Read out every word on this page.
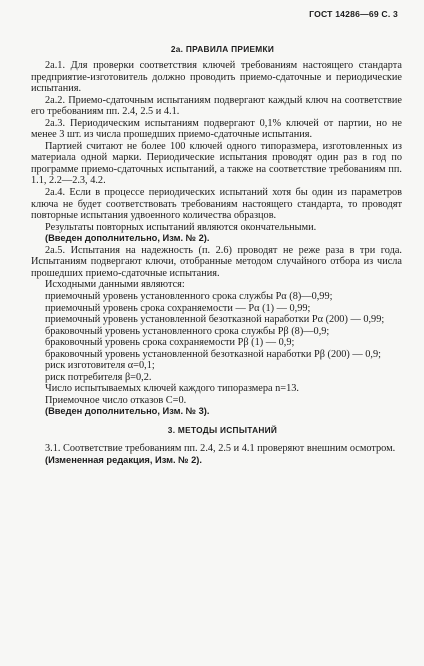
ГОСТ 14286—69 С. 3
2а. ПРАВИЛА ПРИЕМКИ

2а.1. Для проверки соответствия ключей требованиям настоящего стандарта предприятие-изготовитель должно проводить приемо-сдаточные и периодические испытания.

2а.2. Приемо-сдаточным испытаниям подвергают каждый ключ на соответствие его требованиям пп. 2.4, 2.5 и 4.1.

2а.3. Периодическим испытаниям подвергают 0,1% ключей от партии, но не менее 3 шт. из числа прошедших приемо-сдаточные испытания.

Партией считают не более 100 ключей одного типоразмера, изготовленных из материала одной марки. Периодические испытания проводят один раз в год по программе приемо-сдаточных испытаний, а также на соответствие требованиям пп. 1.1, 2.2—2.3, 4.2.

2а.4. Если в процессе периодических испытаний хотя бы один из параметров ключа не будет соответствовать требованиям настоящего стандарта, то проводят повторные испытания удвоенного количества образцов.

Результаты повторных испытаний являются окончательными.

(Введен дополнительно, Изм. № 2).

2а.5. Испытания на надежность (п. 2.6) проводят не реже раза в три года. Испытаниям подвергают ключи, отобранные методом случайного отбора из числа прошедших приемо-сдаточные испытания.

Исходными данными являются:

приемочный уровень установленного срока службы Pα (8)—0,99;

приемочный уровень срока сохраняемости — Pα (1) — 0,99;

приемочный уровень установленной безотказной наработки Pα (200) — 0,99;

браковочный уровень установленного срока службы Pβ (8)—0,9;

браковочный уровень срока сохраняемости Pβ (1) — 0,9;

браковочный уровень установленной безотказной наработки Pβ (200) — 0,9;

риск изготовителя α=0,1;

риск потребителя β=0,2.

Число испытываемых ключей каждого типоразмера n=13.

Приемочное число отказов C=0.

(Введен дополнительно, Изм. № 3).

3. МЕТОДЫ ИСПЫТАНИЙ

3.1. Соответствие требованиям пп. 2.4, 2.5 и 4.1 проверяют внешним осмотром.

(Измененная редакция, Изм. № 2).
